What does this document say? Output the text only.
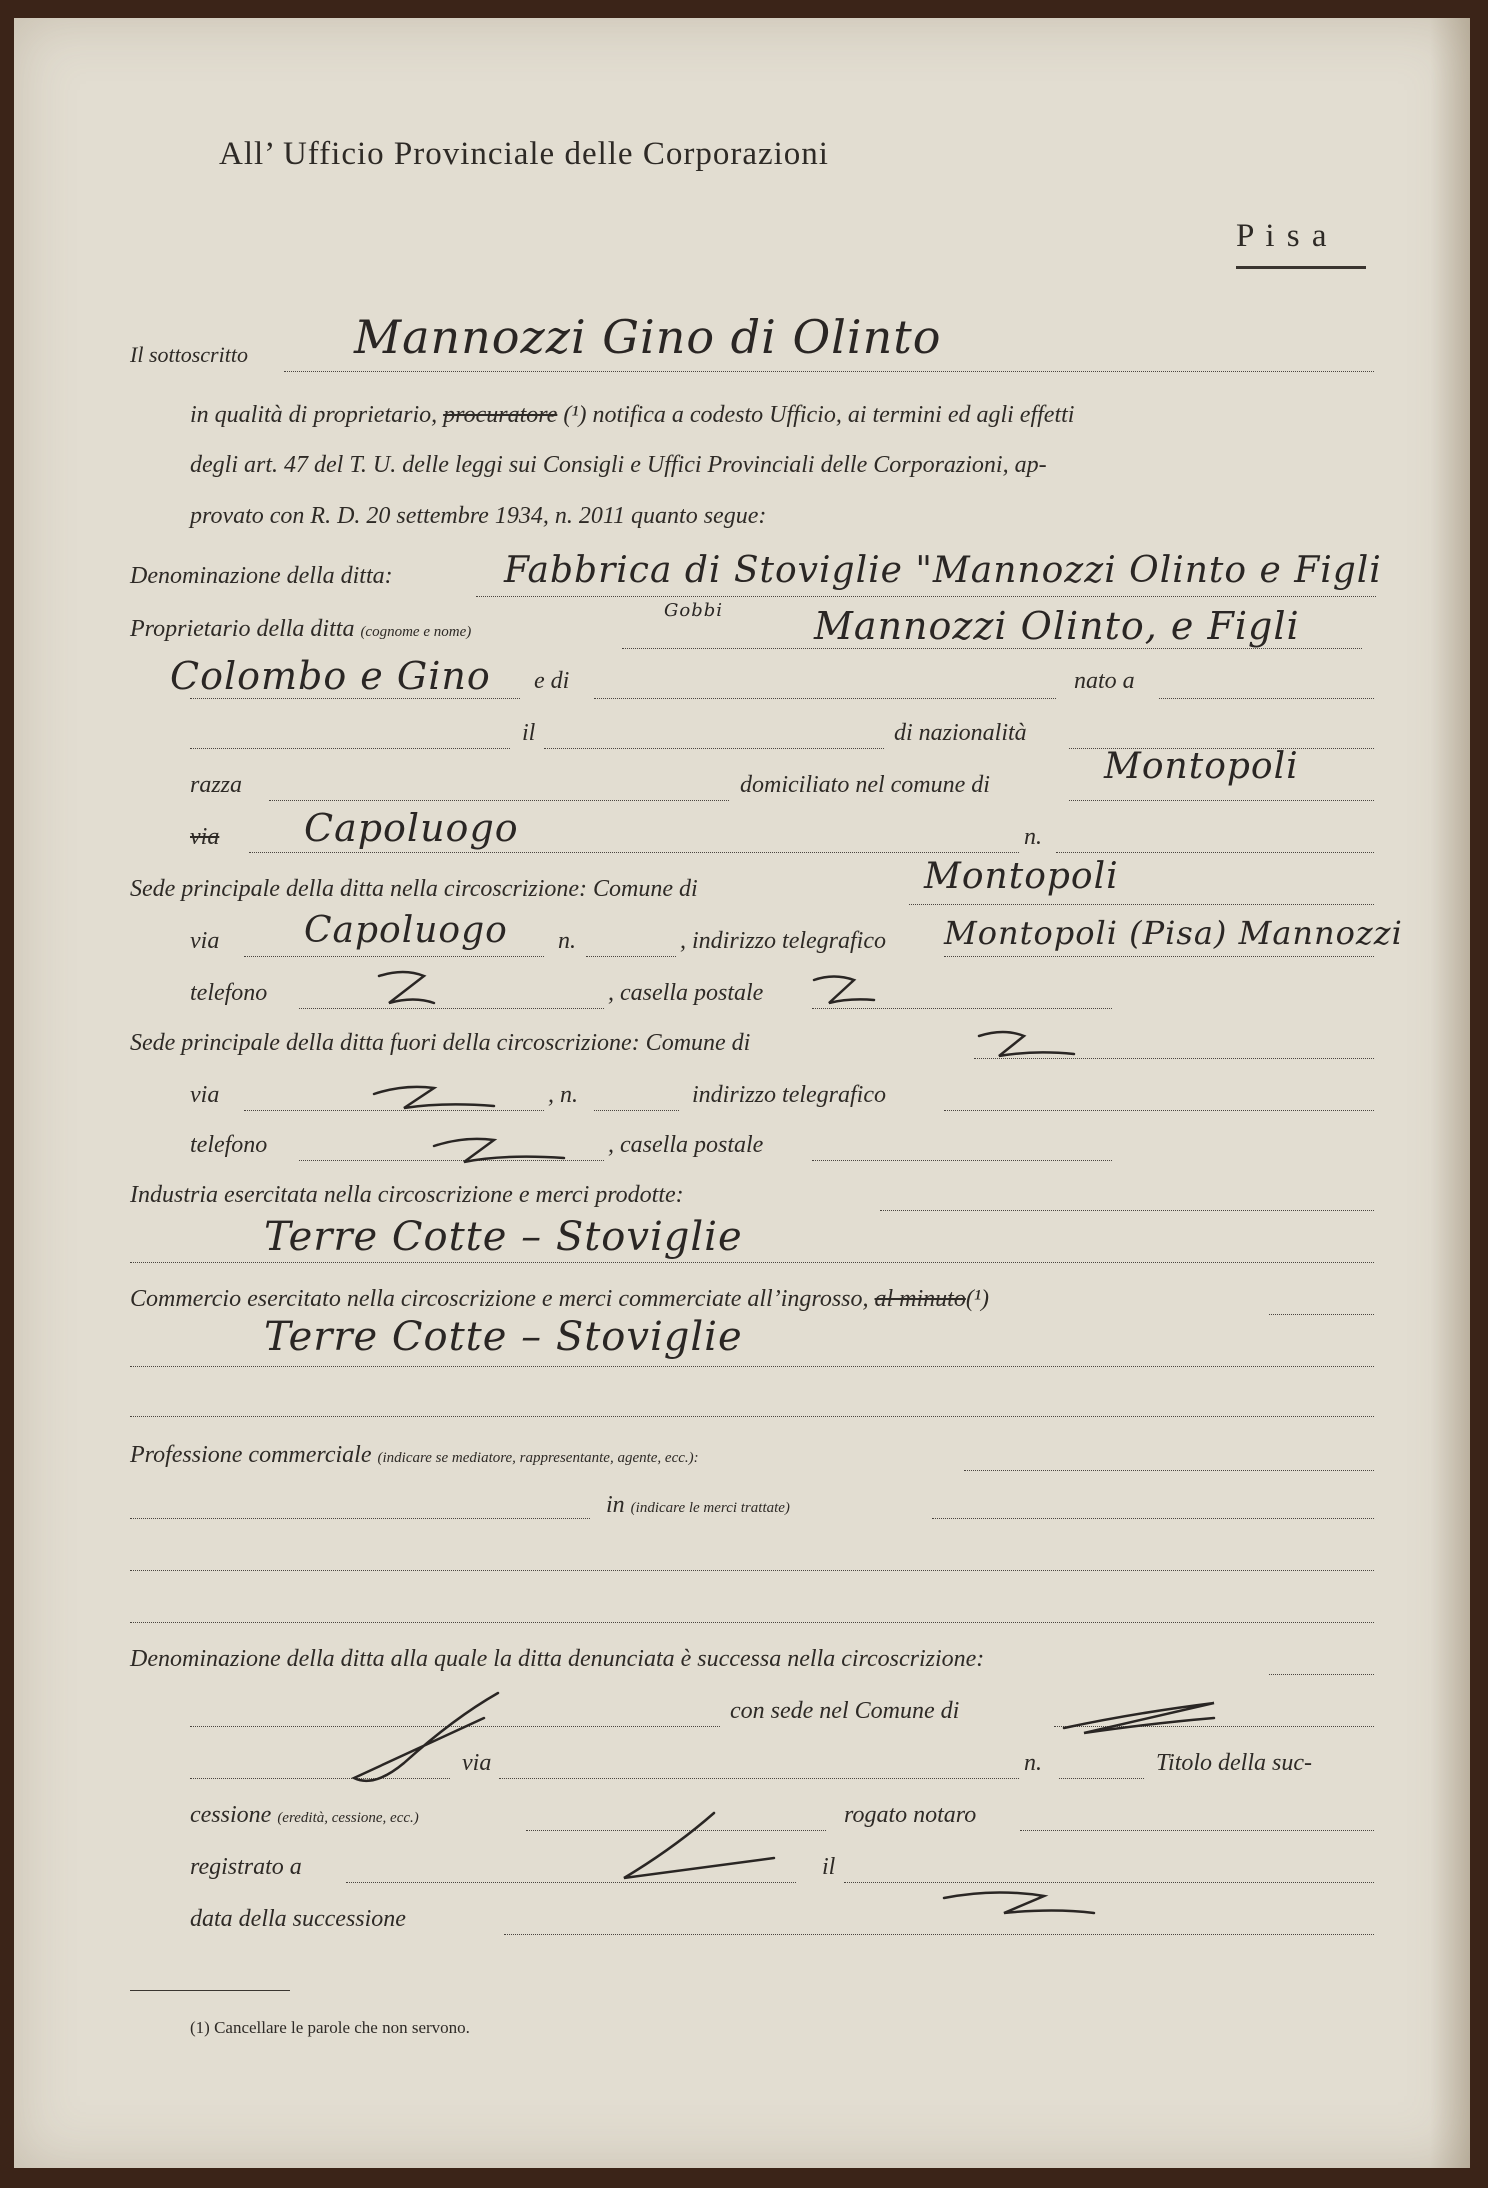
All’ Ufficio Provinciale delle Corporazioni
P i s a
Il sottoscritto Mannozzi Gino di Olinto
in qualità di proprietario, procuratore (¹) notifica a codesto Ufficio, ai termini ed agli effetti
degli art. 47 del T. U. delle leggi sui Consigli e Uffici Provinciali delle Corporazioni, ap-
provato con R. D. 20 settembre 1934, n. 2011 quanto segue:
Denominazione della ditta:	Fabbrica di Stoviglie "Mannozzi Olinto e Figli
Gobbi
Proprietario della ditta (cognome e nome)	Mannozzi Olinto, e Figli
Colombo e Gino e di	nato a
il	di nazionalità
razza	domiciliato nel comune di	Montopoli
via Capoluogo	n.
Sede principale della ditta nella circoscrizione: Comune di	Montopoli
via Capoluogo n.	, indirizzo telegrafico Montopoli (Pisa) Mannozzi
telefono	, casella postale
Sede principale della ditta fuori della circoscrizione: Comune di
via	, n.	indirizzo telegrafico
telefono	, casella postale
Industria esercitata nella circoscrizione e merci prodotte:
Terre Cotte – Stoviglie
Commercio esercitato nella circoscrizione e merci commerciate all’ingrosso, al minuto(¹)
Terre Cotte – Stoviglie
Professione commerciale (indicare se mediatore, rappresentante, agente, ecc.):
in (indicare le merci trattate)
Denominazione della ditta alla quale la ditta denunciata è successa nella circoscrizione:
con sede nel Comune di
via	n.	Titolo della suc-
cessione (eredità, cessione, ecc.)	rogato notaro
registrato a	il
data della successione
(1) Cancellare le parole che non servono.
